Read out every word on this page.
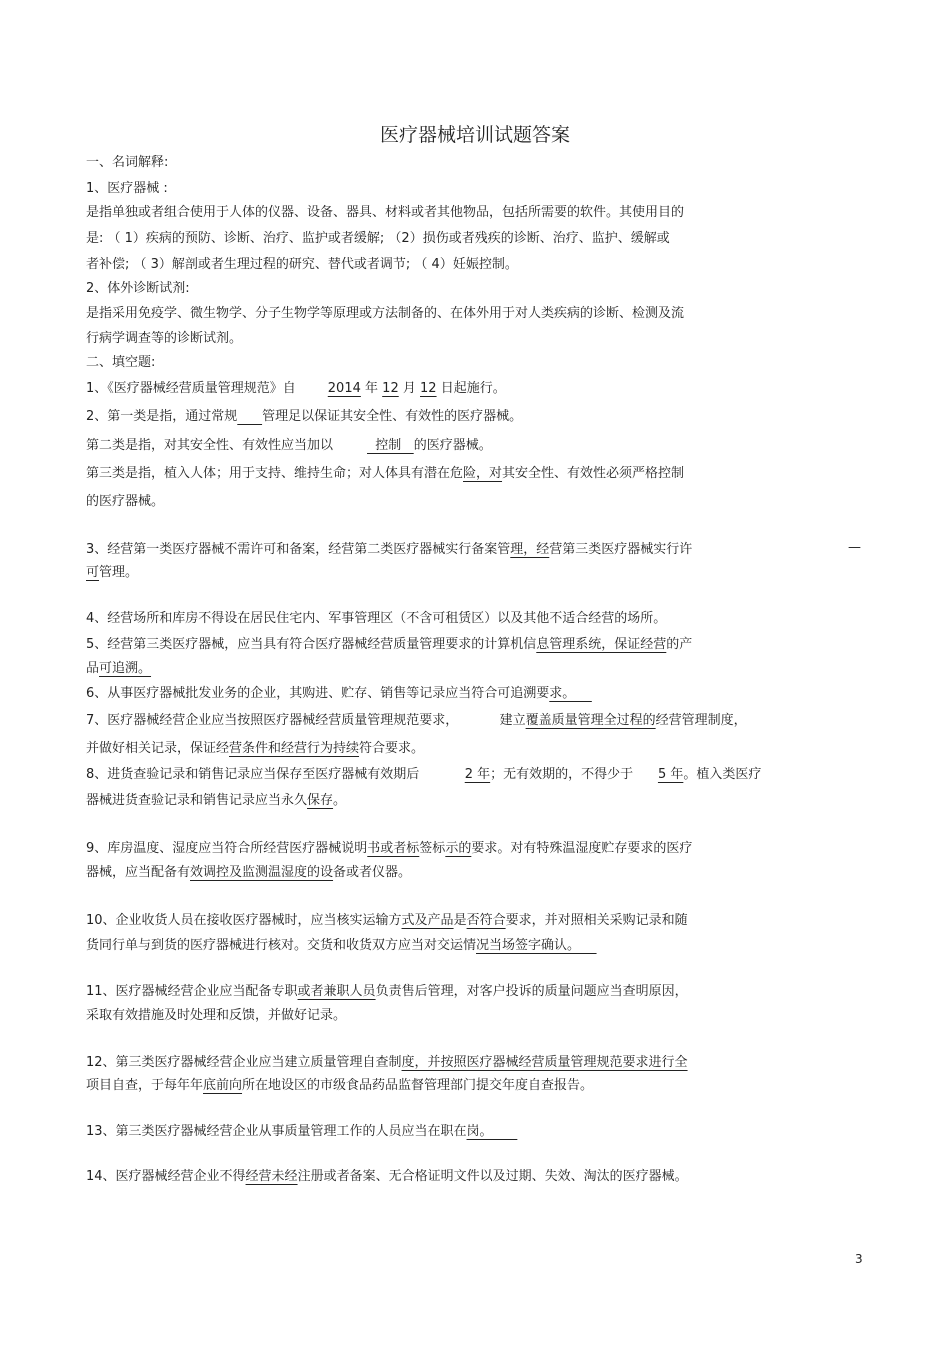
医疗器械培训试题答案
一、名词解释:
1、医疗器械 :
是指单独或者组合使用于人体的仪器、设备、器具、材料或者其他物品，包括所需要的软件。其使用目的
是: （ 1）疾病的预防、诊断、治疗、监护或者缓解; （2）损伤或者残疾的诊断、治疗、监护、缓解或
者补偿; （ 3）解剖或者生理过程的研究、替代或者调节; （ 4）妊娠控制。
2、体外诊断试剂:
是指采用免疫学、微生物学、分子生物学等原理或方法制备的、在体外用于对人类疾病的诊断、检测及流
行病学调查等的诊断试剂。
二、填空题:
1、《医疗器械经营质量管理规范》自 2014 年 12 月 12 日起施行。
2、第一类是指，通过常规 管理足以保证其安全性、有效性的医疗器械。
第二类是指，对其安全性、有效性应当加以	控制   的医疗器械。
第三类是指，植入人体；用于支持、维持生命；对人体具有潜在危险，对其安全性、有效性必须严格控制
的医疗器械。
3、经营第一类医疗器械不需许可和备案，经营第二类医疗器械实行备案管理，经营第三类医疗器械实行许	—
可管理。
4、经营场所和库房不得设在居民住宅内、军事管理区（不含可租赁区）以及其他不适合经营的场所。
5、经营第三类医疗器械，应当具有符合医疗器械经营质量管理要求的计算机信息管理系统，保证经营的产
品可追溯。
6、从事医疗器械批发业务的企业，其购进、贮存、销售等记录应当符合可追溯要求。
7、医疗器械经营企业应当按照医疗器械经营质量管理规范要求，          建立覆盖质量管理全过程的经营管理制度，
并做好相关记录，保证经营条件和经营行为持续符合要求。
8、进货查验记录和销售记录应当保存至医疗器械有效期后           2 年；无有效期的，不得少于      5 年。植入类医疗
器械进货查验记录和销售记录应当永久保存。
9、库房温度、湿度应当符合所经营医疗器械说明书或者标签标示的要求。对有特殊温湿度贮存要求的医疗
器械，应当配备有效调控及监测温湿度的设备或者仪器。
10、企业收货人员在接收医疗器械时，应当核实运输方式及产品是否符合要求，并对照相关采购记录和随
货同行单与到货的医疗器械进行核对。交货和收货双方应当对交运情况当场签字确认。
11、医疗器械经营企业应当配备专职或者兼职人员负责售后管理，对客户投诉的质量问题应当查明原因，
采取有效措施及时处理和反馈，并做好记录。
12、第三类医疗器械经营企业应当建立质量管理自查制度，并按照医疗器械经营质量管理规范要求进行全
项目自查，于每年年底前向所在地设区的市级食品药品监督管理部门提交年度自查报告。
13、第三类医疗器械经营企业从事质量管理工作的人员应当在职在岗。
14、医疗器械经营企业不得经营未经注册或者备案、无合格证明文件以及过期、失效、淘汰的医疗器械。
3
